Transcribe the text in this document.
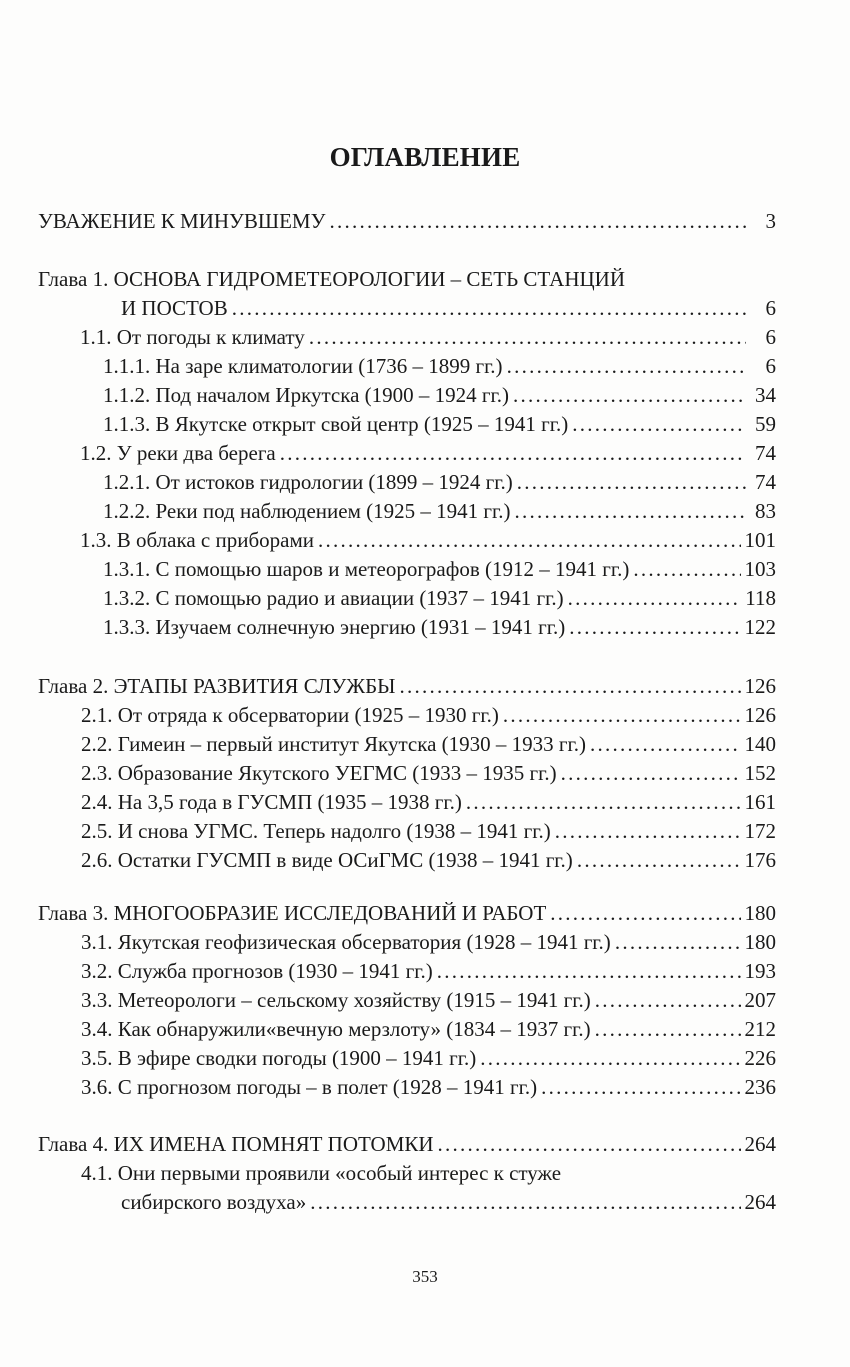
ОГЛАВЛЕНИЕ
УВАЖЕНИЕ К МИНУВШЕМУ . . .	3
Глава 1. ОСНОВА ГИДРОМЕТЕОРОЛОГИИ – СЕТЬ СТАНЦИЙ
И ПОСТОВ . . .	6
1.1. От погоды к климату . . .	6
1.1.1. На заре климатологии (1736 – 1899 гг.) . . .	6
1.1.2. Под началом Иркутска (1900 – 1924 гг.) . . .	34
1.1.3. В Якутске открыт свой центр (1925 – 1941 гг.) . . .	59
1.2. У реки два берега . . .	74
1.2.1. От истоков гидрологии (1899 – 1924 гг.) . . .	74
1.2.2. Реки под наблюдением (1925 – 1941 гг.) . . .	83
1.3. В облака с приборами . . .	101
1.3.1. С помощью шаров и метеорографов (1912 – 1941 гг.) . . .	103
1.3.2. С помощью радио и авиации (1937 – 1941 гг.) . . .	118
1.3.3. Изучаем солнечную энергию (1931 – 1941 гг.) . . .	122
Глава 2. ЭТАПЫ РАЗВИТИЯ СЛУЖБЫ . . .	126
2.1. От отряда к обсерватории (1925 – 1930 гг.) . . .	126
2.2. Гимеин – первый институт Якутска (1930 – 1933 гг.) . . .	140
2.3. Образование Якутского УЕГМС (1933 – 1935 гг.) . . .	152
2.4. На 3,5 года в ГУСМП (1935 – 1938 гг.) . . .	161
2.5. И снова УГМС. Теперь надолго (1938 – 1941 гг.) . . .	172
2.6. Остатки ГУСМП в виде ОСиГМС (1938 – 1941 гг.) . . .	176
Глава 3. МНОГООБРАЗИЕ ИССЛЕДОВАНИЙ И РАБОТ . . .	180
3.1. Якутская геофизическая обсерватория (1928 – 1941 гг.) . . .	180
3.2. Служба прогнозов (1930 – 1941 гг.) . . .	193
3.3. Метеорологи – сельскому хозяйству (1915 – 1941 гг.) . . .	207
3.4. Как обнаружили«вечную мерзлоту» (1834 – 1937 гг.) . . .	212
3.5. В эфире сводки погоды (1900 – 1941 гг.) . . .	226
3.6. С прогнозом погоды – в полет (1928 – 1941 гг.) . . .	236
Глава 4. ИХ ИМЕНА ПОМНЯТ ПОТОМКИ . . .	264
4.1. Они первыми проявили «особый интерес к стуже
сибирского воздуха» . . .	264
353
